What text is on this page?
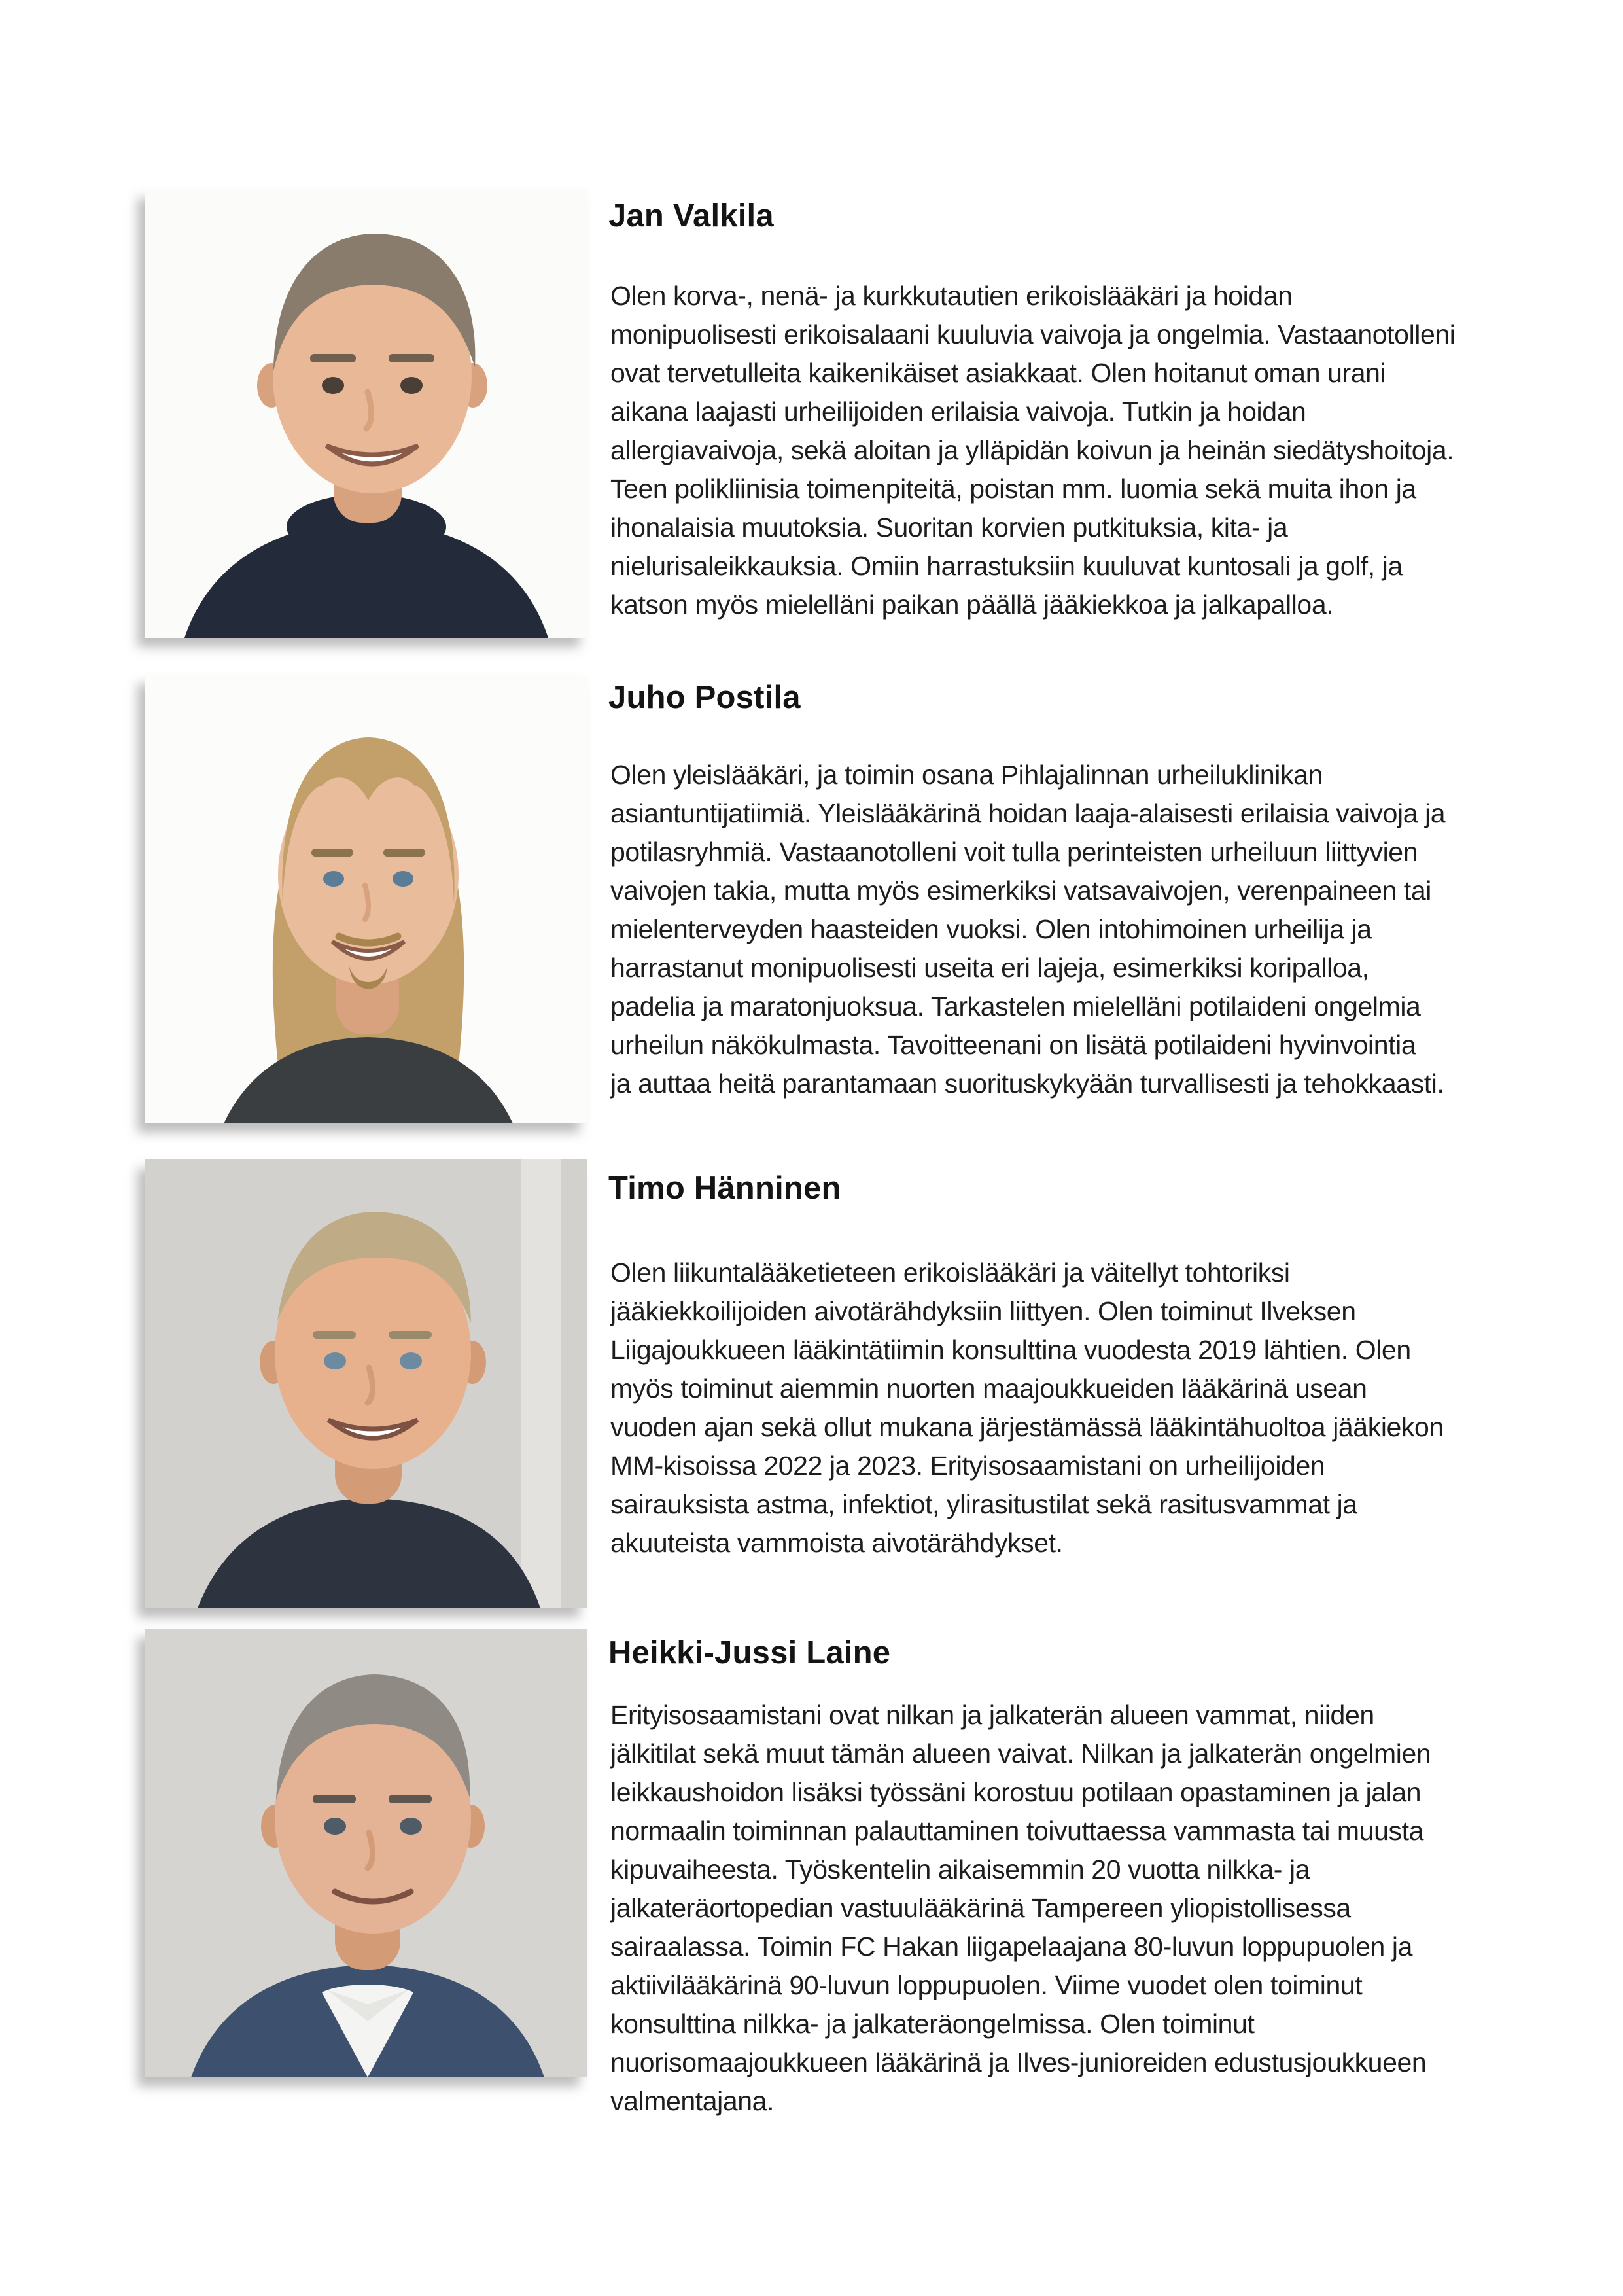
Jan Valkila

Olen korva-, nenä- ja kurkkutautien erikoislääkäri ja hoidan
monipuolisesti erikoisalaani kuuluvia vaivoja ja ongelmia. Vastaanotolleni
ovat tervetulleita kaikenikäiset asiakkaat. Olen hoitanut oman urani
aikana laajasti urheilijoiden erilaisia vaivoja. Tutkin ja hoidan
allergiavaivoja, sekä aloitan ja ylläpidän koivun ja heinän siedätyshoitoja.
Teen polikliinisia toimenpiteitä, poistan mm. luomia sekä muita ihon ja
ihonalaisia muutoksia. Suoritan korvien putkituksia, kita- ja
nielurisaleikkauksia. Omiin harrastuksiin kuuluvat kuntosali ja golf, ja
katson myös mielelläni paikan päällä jääkiekkoa ja jalkapalloa.

Juho Postila

Olen yleislääkäri, ja toimin osana Pihlajalinnan urheiluklinikan
asiantuntijatiimiä. Yleislääkärinä hoidan laaja-alaisesti erilaisia vaivoja ja
potilasryhmiä. Vastaanotolleni voit tulla perinteisten urheiluun liittyvien
vaivojen takia, mutta myös esimerkiksi vatsavaivojen, verenpaineen tai
mielenterveyden haasteiden vuoksi. Olen intohimoinen urheilija ja
harrastanut monipuolisesti useita eri lajeja, esimerkiksi koripalloa,
padelia ja maratonjuoksua. Tarkastelen mielelläni potilaideni ongelmia
urheilun näkökulmasta. Tavoitteenani on lisätä potilaideni hyvinvointia
ja auttaa heitä parantamaan suorituskykyään turvallisesti ja tehokkaasti.

Timo Hänninen

Olen liikuntalääketieteen erikoislääkäri ja väitellyt tohtoriksi
jääkiekkoilijoiden aivotärähdyksiin liittyen. Olen toiminut Ilveksen
Liigajoukkueen lääkintätiimin konsulttina vuodesta 2019 lähtien. Olen
myös toiminut aiemmin nuorten maajoukkueiden lääkärinä usean
vuoden ajan sekä ollut mukana järjestämässä lääkintähuoltoa jääkiekon
MM-kisoissa 2022 ja 2023. Erityisosaamistani on urheilijoiden
sairauksista astma, infektiot, ylirasitustilat sekä rasitusvammat ja
akuuteista vammoista aivotärähdykset.

Heikki-Jussi Laine

Erityisosaamistani ovat nilkan ja jalkaterän alueen vammat, niiden
jälkitilat sekä muut tämän alueen vaivat. Nilkan ja jalkaterän ongelmien
leikkaushoidon lisäksi työssäni korostuu potilaan opastaminen ja jalan
normaalin toiminnan palauttaminen toivuttaessa vammasta tai muusta
kipuvaiheesta. Työskentelin aikaisemmin 20 vuotta nilkka- ja
jalkateräortopedian vastuulääkärinä Tampereen yliopistollisessa
sairaalassa. Toimin FC Hakan liigapelaajana 80-luvun loppupuolen ja
aktiivilääkärinä 90-luvun loppupuolen. Viime vuodet olen toiminut
konsulttina nilkka- ja jalkateräongelmissa. Olen toiminut
nuorisomaajoukkueen lääkärinä ja Ilves-junioreiden edustusjoukkueen
valmentajana.
